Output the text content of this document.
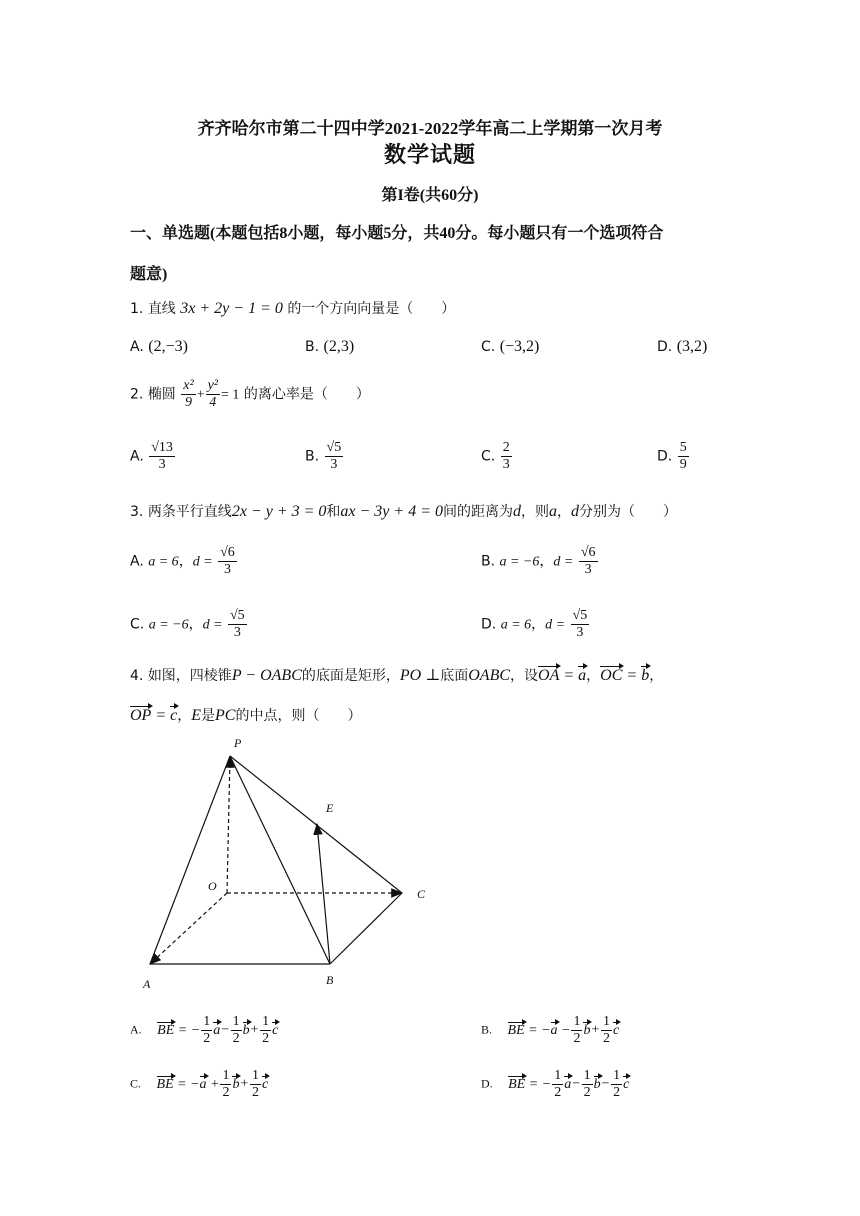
齐齐哈尔市第二十四中学2021-2022学年高二上学期第一次月考
数学试题
第I卷(共60分)
一、单选题(本题包括8小题，每小题5分，共40分。每小题只有一个选项符合
题意)
1. 直线 3x + 2y − 1 = 0 的一个方向向量是（　　）
A. (2,−3)	B. (2,3)	C. (−3,2)	D. (3,2)
2. 椭圆 $\frac{\text{x²}}{9} + \frac{\text{y²}}{4} = 1$ 的离心率是（　　）
A. $\frac{√13}{3}$	B. $\frac{√5}{3}$	C. $\frac{2}{3}$	D. $\frac{5}{9}$
3. 两条平行直线2x − y + 3 = 0和ax − 3y + 4 = 0间的距离为d，则a，d分别为（　　）
A. a = 6，$d = \frac{√6}{3}$	B. a = −6，$d = \frac{√6}{3}$
C. a = −6，$d = \frac{√5}{3}$	D. a = 6，$d = \frac{√5}{3}$
4. 如图，四棱锥P − OABC的底面是矩形，PO ⊥底面OABC，设OA = a，OC = b，
OP = c，E是PC的中点，则（　　）
P
E
O
C
A	B
A. BE = − $\frac{1}{2} a- \frac{1}{2} b+ \frac{1}{2}$ c	B. BE = $-a - \frac{1}{2} b+ \frac{1}{2}$ c
C. BE = $-a + \frac{1}{2} b+ \frac{1}{2}$ c	D. BE = − $\frac{1}{2} a- \frac{1}{2} b- \frac{1}{2}$ c
